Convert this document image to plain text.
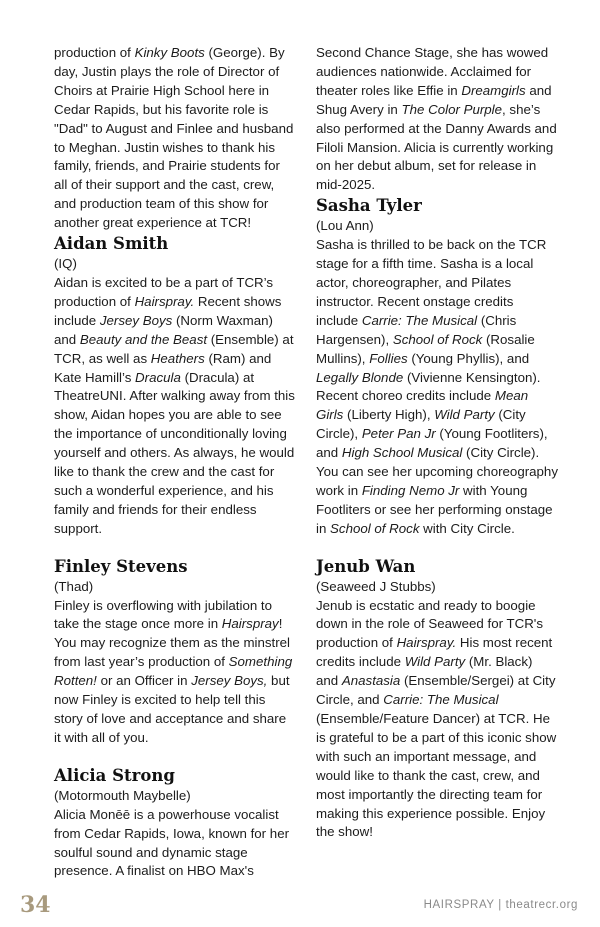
production of Kinky Boots (George). By day, Justin plays the role of Director of Choirs at Prairie High School here in Cedar Rapids, but his favorite role is "Dad" to August and Finlee and husband to Meghan. Justin wishes to thank his family, friends, and Prairie students for all of their support and the cast, crew, and production team of this show for another great experience at TCR!

Aidan Smith

(IQ)

Aidan is excited to be a part of TCR’s production of Hairspray. Recent shows include Jersey Boys (Norm Waxman) and Beauty and the Beast (Ensemble) at TCR, as well as Heathers (Ram) and Kate Hamill’s Dracula (Dracula) at TheatreUNI. After walking away from this show, Aidan hopes you are able to see the importance of unconditionally loving yourself and others. As always, he would like to thank the crew and the cast for such a wonderful experience, and his family and friends for their endless support.

Finley Stevens

(Thad)

Finley is overflowing with jubilation to take the stage once more in Hairspray! You may recognize them as the minstrel from last year’s production of Something Rotten! or an Officer in Jersey Boys, but now Finley is excited to help tell this story of love and acceptance and share it with all of you.

Alicia Strong

(Motormouth Maybelle)

Alicia Monēē is a powerhouse vocalist from Cedar Rapids, Iowa, known for her soulful sound and dynamic stage presence. A finalist on HBO Max's

Second Chance Stage, she has wowed audiences nationwide. Acclaimed for theater roles like Effie in Dreamgirls and Shug Avery in The Color Purple, she’s also performed at the Danny Awards and Filoli Mansion. Alicia is currently working on her debut album, set for release in mid-2025.

Sasha Tyler

(Lou Ann)

Sasha is thrilled to be back on the TCR stage for a fifth time. Sasha is a local actor, choreographer, and Pilates instructor. Recent onstage credits include Carrie: The Musical (Chris Hargensen), School of Rock (Rosalie Mullins), Follies (Young Phyllis), and Legally Blonde (Vivienne Kensington). Recent choreo credits include Mean Girls (Liberty High), Wild Party (City Circle), Peter Pan Jr (Young Footliters), and High School Musical (City Circle). You can see her upcoming choreography work in Finding Nemo Jr with Young Footliters or see her performing onstage in School of Rock with City Circle.

Jenub Wan

(Seaweed J Stubbs)

Jenub is ecstatic and ready to boogie down in the role of Seaweed for TCR's production of Hairspray. His most recent credits include Wild Party (Mr. Black) and Anastasia (Ensemble/Sergei) at City Circle, and Carrie: The Musical (Ensemble/Feature Dancer) at TCR. He is grateful to be a part of this iconic show with such an important message, and would like to thank the cast, crew, and most importantly the directing team for making this experience possible. Enjoy the show!

34	HAIRSPRAY | theatrecr.org
